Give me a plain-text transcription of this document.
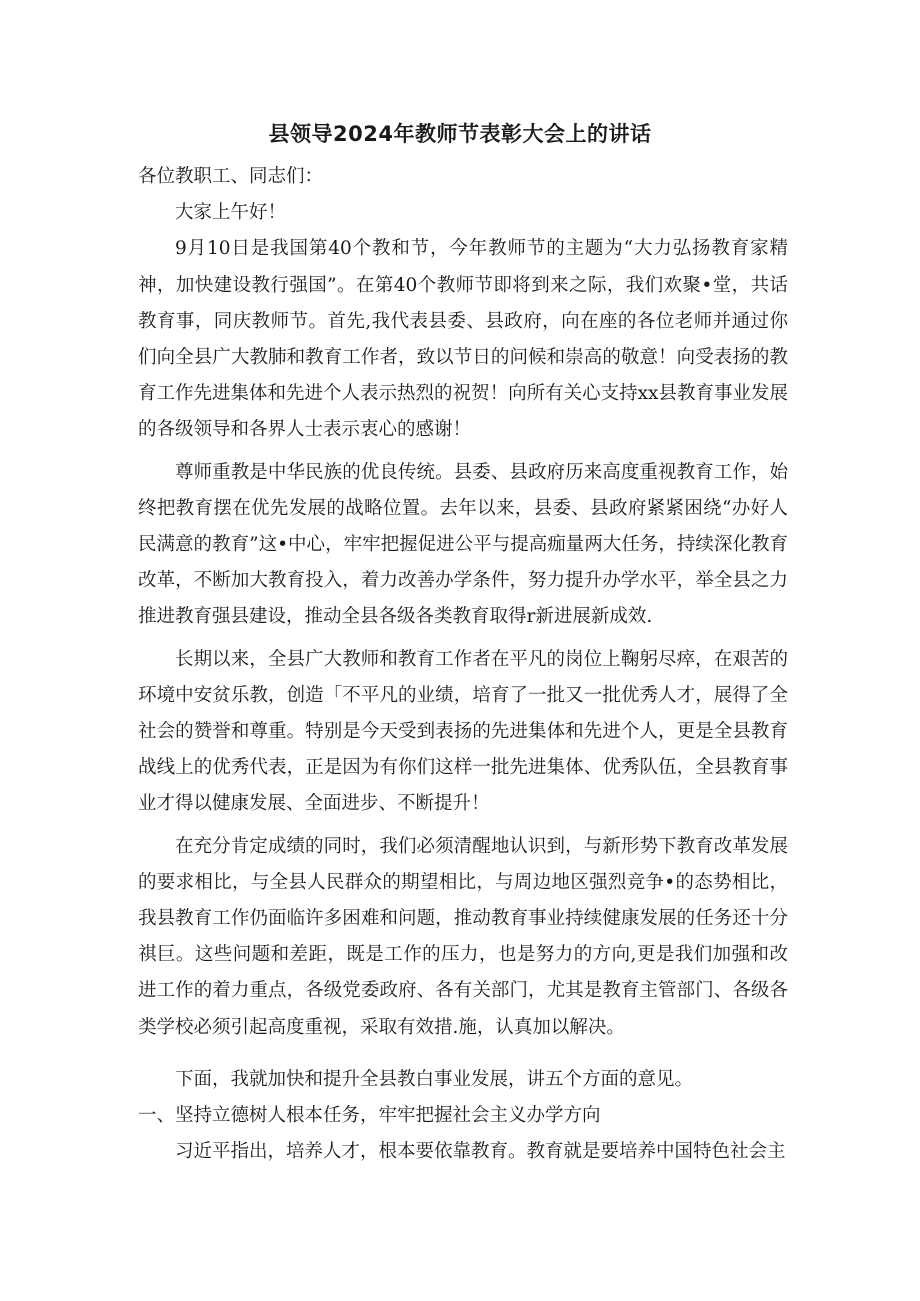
县领导2024年教师节表彰大会上的讲话

各位教职工、同志们：

大家上午好！

9月10日是我国第40个教和节，今年教师节的主题为“大力弘扬教育家精神，加快建设教行强国”。在第40个教师节即将到来之际，我们欢聚•堂，共话教育事，同庆教师节。首先,我代表县委、县政府，向在座的各位老师并通过你们向全县广大教肺和教育工作者，致以节日的问候和崇高的敬意！向受表扬的教育工作先进集体和先进个人表示热烈的祝贺！向所有关心支持xx县教育事业发展的各级领导和各界人士表示衷心的感谢！

尊师重教是中华民族的优良传统。县委、县政府历来高度重视教育工作，始终把教育摆在优先发展的战略位置。去年以来，县委、县政府紧紧困绕“办好人民满意的教育”这•中心，牢牢把握促进公平与提高痂量两大任务，持续深化教育改革，不断加大教育投入，着力改善办学条件，努力提升办学水平，举全县之力推进教育强县建设，推动全县各级各类教育取得r新进展新成效.

长期以来，全县广大教师和教育工作者在平凡的岗位上鞠躬尽瘁，在艰苦的环境中安贫乐教，创造「不平凡的业绩，培育了一批又一批优秀人才，展得了全社会的赞誉和尊重。特别是今天受到表扬的先进集体和先进个人，更是全县教育战线上的优秀代表，正是因为有你们这样一批先进集体、优秀队伍，全县教育事业才得以健康发展、全面进步、不断提升！

在充分肯定成绩的同时，我们必须清醒地认识到，与新形势下教育改革发展的要求相比，与全县人民群众的期望相比，与周边地区强烈竞争•的态势相比，我县教育工作仍面临许多困难和问题，推动教育事业持续健康发展的任务还十分祺巨。这些问题和差距，既是工作的压力，也是努力的方向,更是我们加强和改进工作的着力重点，各级党委政府、各有关部门，尤其是教育主管部门、各级各类学校必须引起高度重视，采取有效措.施，认真加以解决。

下面，我就加快和提升全县教白事业发展，讲五个方面的意见。

一、坚持立德树人根本任务，牢牢把握社会主义办学方向

习近平指出，培养人才，根本要依靠教育。教育就是要培养中国特色社会主
